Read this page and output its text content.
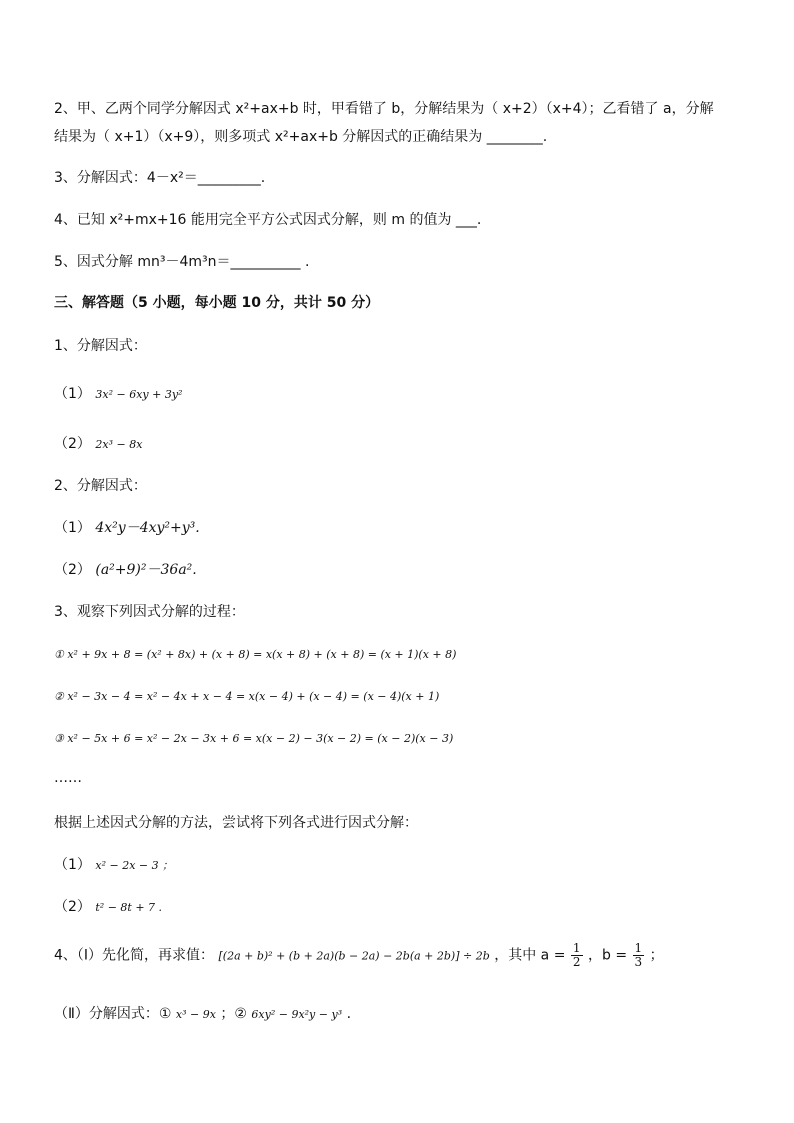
2、甲、乙两个同学分解因式 x²+ax+b 时，甲看错了 b，分解结果为（ x+2）（x+4）；乙看错了 a，分解
结果为（ x+1）（x+9），则多项式 x²+ax+b 分解因式的正确结果为 ________.
3、分解因式：4－x²＝_________.
4、已知 x²+mx+16 能用完全平方公式因式分解，则 m 的值为 ___.
5、因式分解 mn³－4m³n＝__________ .
三、解答题（5 小题，每小题 10 分，共计 50 分）
1、分解因式：
（1） 3x² − 6xy + 3y²
（2） 2x³ − 8x
2、分解因式：
（1） 4x²y－4xy²+y³.
（2） (a²+9)²－36a².
3、观察下列因式分解的过程：
① x² + 9x + 8 = (x² + 8x) + (x + 8) = x(x + 8) + (x + 8) = (x + 1)(x + 8)
② x² − 3x − 4 = x² − 4x + x − 4 = x(x − 4) + (x − 4) = (x − 4)(x + 1)
③ x² − 5x + 6 = x² − 2x − 3x + 6 = x(x − 2) − 3(x − 2) = (x − 2)(x − 3)
……
根据上述因式分解的方法，尝试将下列各式进行因式分解：
（1） x² − 2x − 3 ；
（2） t² − 8t + 7 .
4、（Ⅰ）先化简，再求值： [(2a + b)² + (b + 2a)(b − 2a) − 2b(a + 2b)] ÷ 2b ，其中 $a = \frac{1}{2}$ ，$b = \frac{1}{3}$ ；
（Ⅱ）分解因式：① x³ − 9x ；② 6xy² − 9x²y − y³ .
